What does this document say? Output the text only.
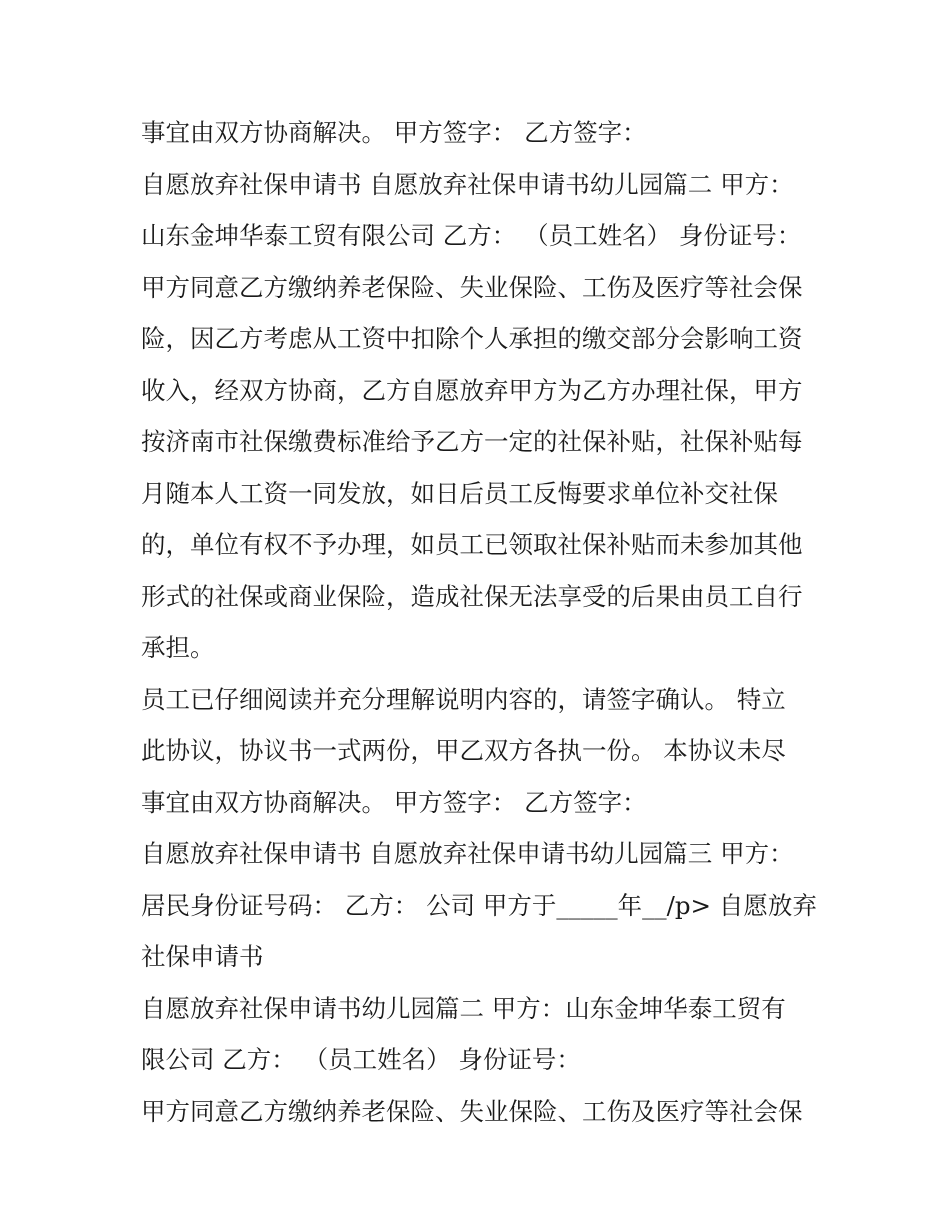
事宜由双方协商解决。 甲方签字： 乙方签字：
自愿放弃社保申请书 自愿放弃社保申请书幼儿园篇二 甲方：
山东金坤华泰工贸有限公司 乙方： （员工姓名） 身份证号：
甲方同意乙方缴纳养老保险、失业保险、工伤及医疗等社会保
险，因乙方考虑从工资中扣除个人承担的缴交部分会影响工资
收入，经双方协商，乙方自愿放弃甲方为乙方办理社保，甲方
按济南市社保缴费标准给予乙方一定的社保补贴，社保补贴每
月随本人工资一同发放，如日后员工反悔要求单位补交社保
的，单位有权不予办理，如员工已领取社保补贴而未参加其他
形式的社保或商业保险，造成社保无法享受的后果由员工自行
承担。
员工已仔细阅读并充分理解说明内容的，请签字确认。 特立
此协议，协议书一式两份，甲乙双方各执一份。 本协议未尽
事宜由双方协商解决。 甲方签字： 乙方签字：
自愿放弃社保申请书 自愿放弃社保申请书幼儿园篇三 甲方：
居民身份证号码： 乙方： 公司 甲方于_____年__/p> 自愿放弃
社保申请书
自愿放弃社保申请书幼儿园篇二 甲方：山东金坤华泰工贸有
限公司 乙方： （员工姓名） 身份证号：
甲方同意乙方缴纳养老保险、失业保险、工伤及医疗等社会保
